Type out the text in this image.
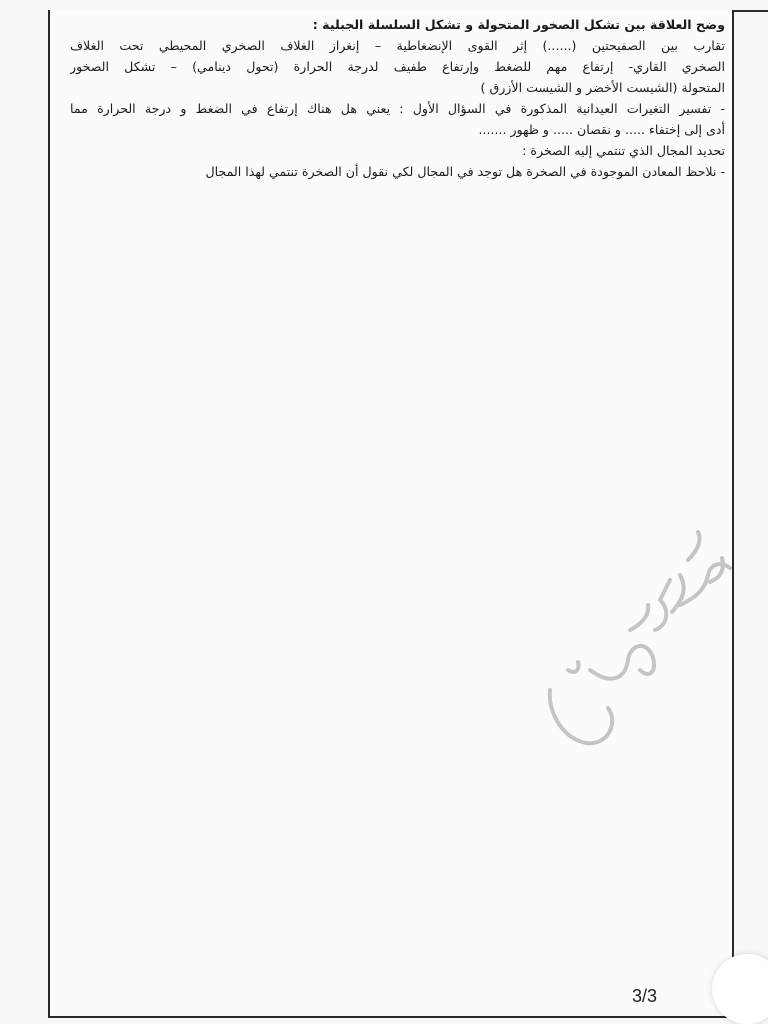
وضح العلاقة بين تشكل الصخور المتحولة و تشكل السلسلة الجبلية :
تقارب بين الصفيحتين (......) إثر القوى الإنضغاطية – إنغراز الغلاف الصخري المحيطي تحت الغلاف
الصخري القاري- إرتفاع مهم للضغط وإرتفاع طفيف لدرجة الحرارة (تحول دينامي) – تشكل الصخور
المتحولة (الشيست الأخضر و الشيست الأزرق )
- تفسير التغيرات العيدانية المذكورة في السؤال الأول : يعني هل هناك إرتفاع في الضغط و درجة الحرارة مما
أدى إلى إختفاء ..... و نقصان ..... و ظهور .......
تحديد المجال الذي تنتمي إليه الصخرة :
- نلاحظ المعادن الموجودة في الصخرة هل توجد في المجال لكي نقول أن الصخرة تنتمي لهذا المجال
3/3
